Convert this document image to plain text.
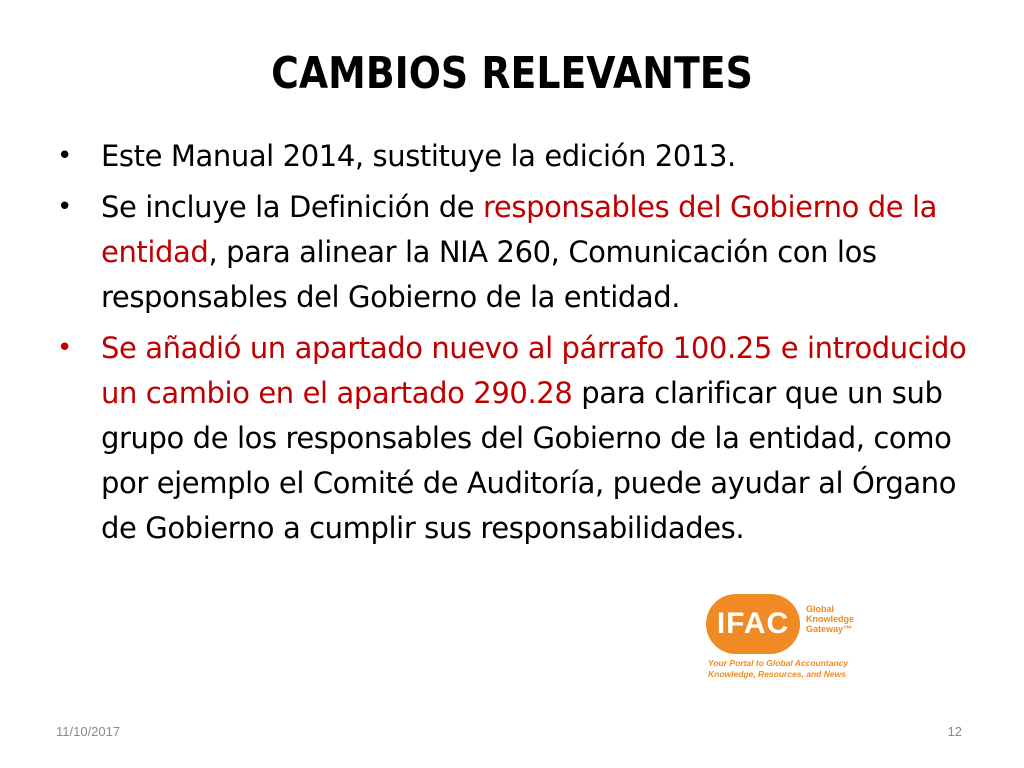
CAMBIOS RELEVANTES
• Este Manual 2014, sustituye la edición 2013.
• Se incluye la Definición de responsables del Gobierno de la entidad, para alinear la NIA 260, Comunicación con los responsables del Gobierno de la entidad.
• Se añadió un apartado nuevo al párrafo 100.25 e introducido un cambio en el apartado 290.28 para clarificar que un sub grupo de los responsables del Gobierno de la entidad, como por ejemplo el Comité de Auditoría, puede ayudar al Órgano de Gobierno a cumplir sus responsabilidades.
IFAC	Global
Knowledge
Gateway™
Your Portal to Global Accountancy
Knowledge, Resources, and News
11/10/2017	12
